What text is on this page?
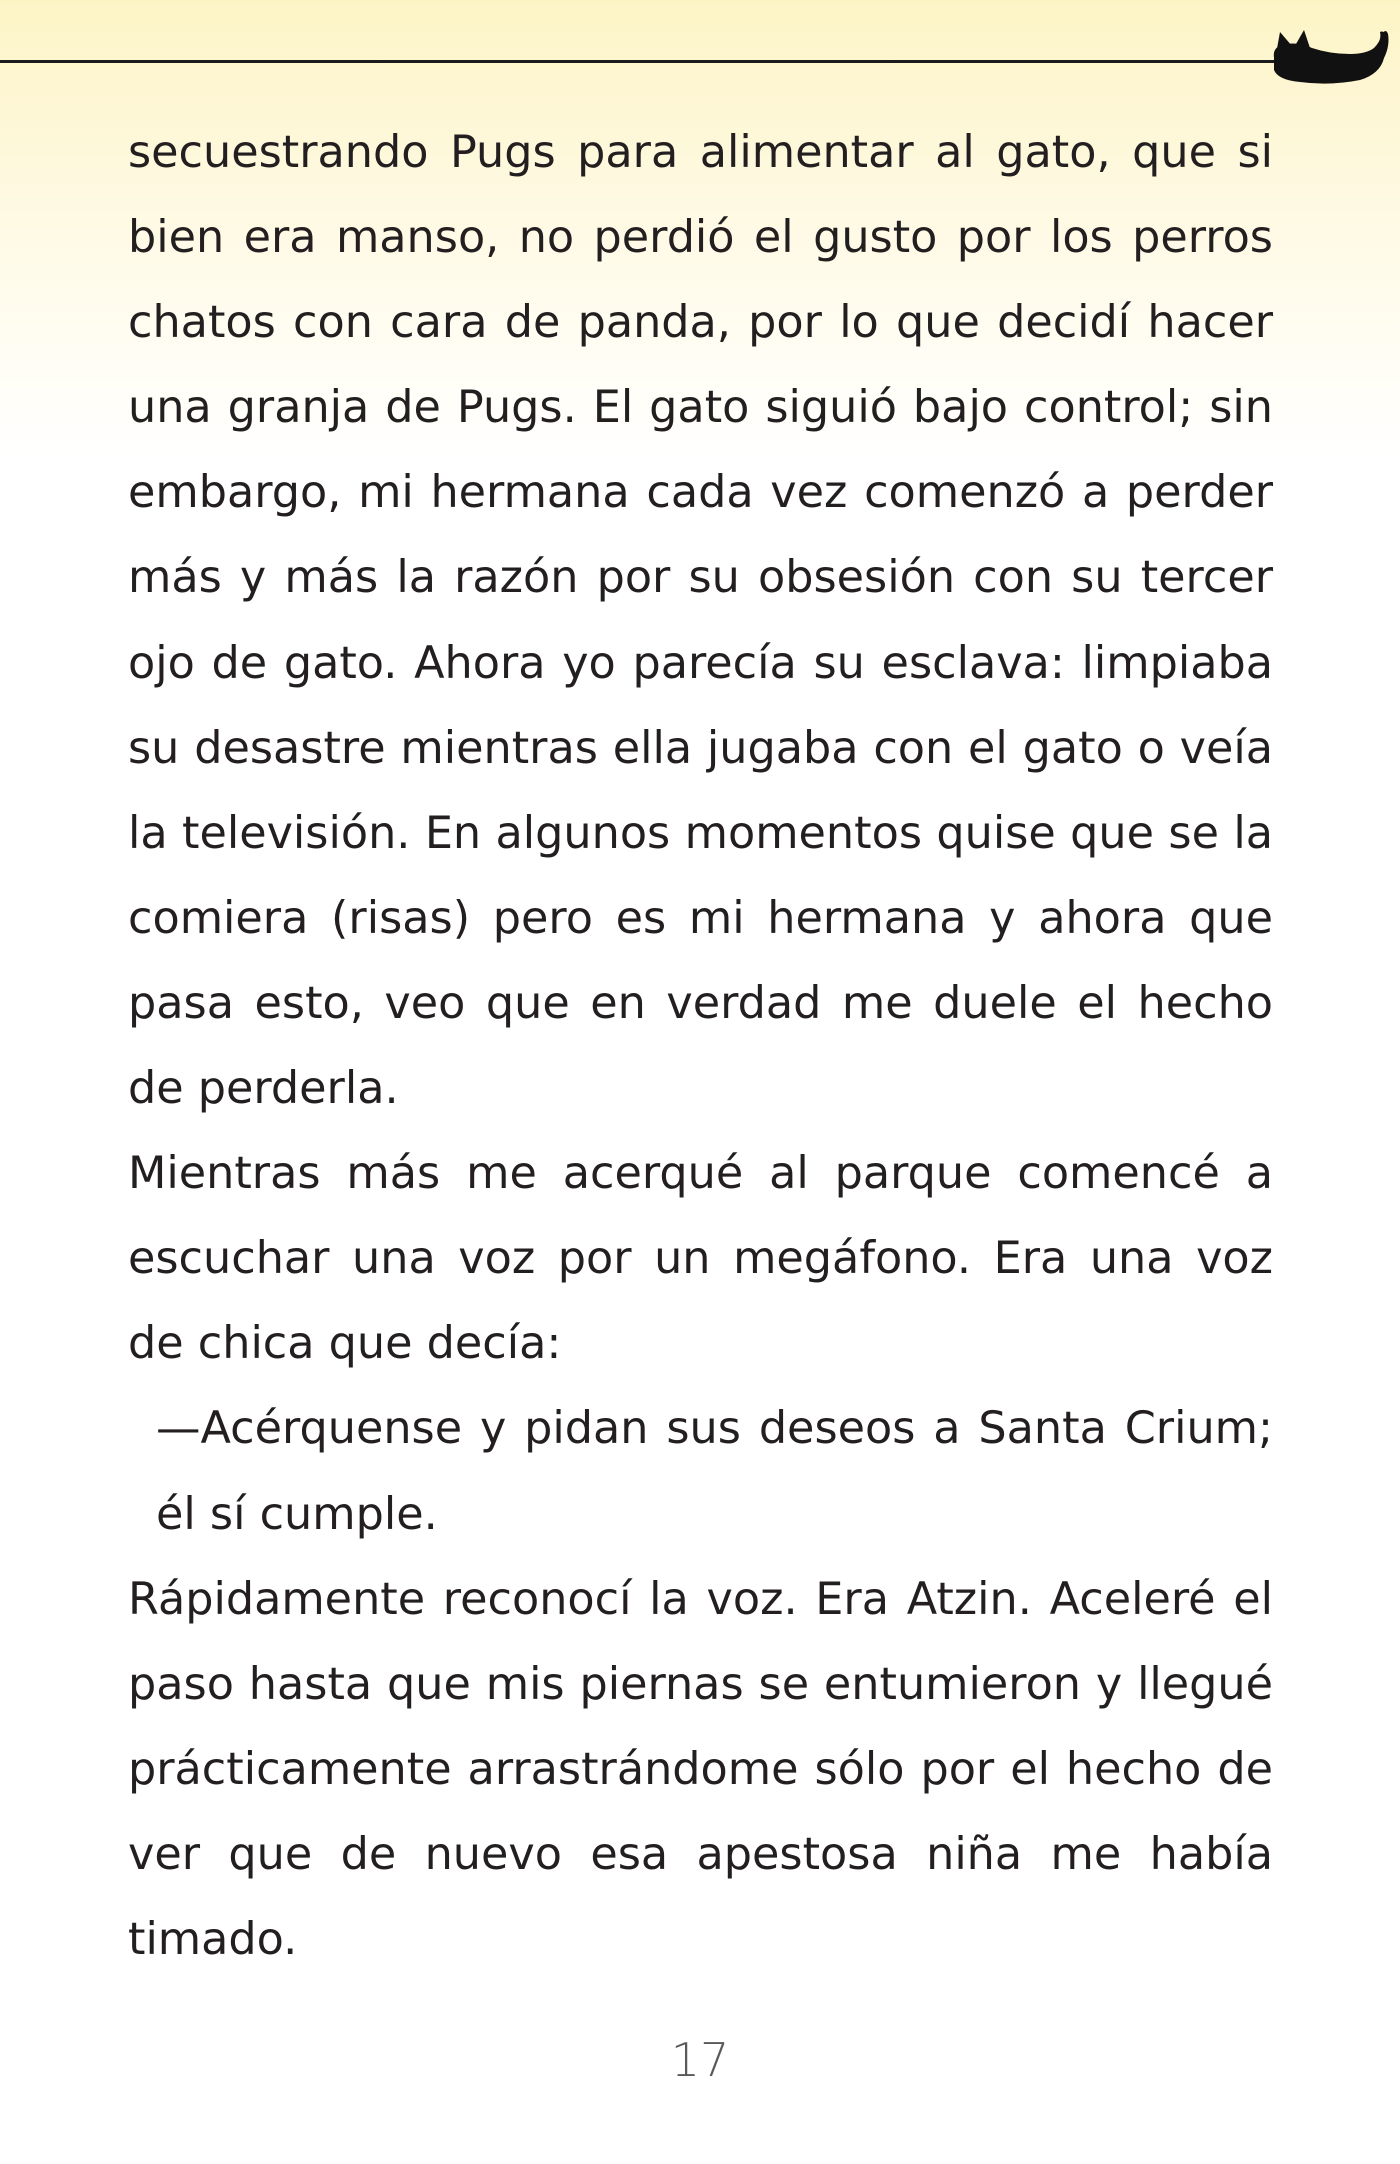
secuestrando Pugs para alimentar al gato, que si bien era manso, no perdió el gusto por los perros chatos con cara de panda, por lo que decidí hacer una granja de Pugs. El gato siguió bajo control; sin embargo, mi hermana cada vez comenzó a perder más y más la razón por su obsesión con su tercer ojo de gato. Ahora yo parecía su esclava: limpiaba su desastre mientras ella jugaba con el gato o veía la televisión. En algunos momentos quise que se la comiera (risas) pero es mi hermana y ahora que pasa esto, veo que en verdad me duele el hecho de perderla.

Mientras más me acerqué al parque comencé a escuchar una voz por un megáfono. Era una voz de chica que decía:

—Acérquense y pidan sus deseos a Santa Crium; él sí cumple.

Rápidamente reconocí la voz. Era Atzin. Aceleré el paso hasta que mis piernas se entumieron y llegué prácticamente arrastrándome sólo por el hecho de ver que de nuevo esa apestosa niña me había timado.

17
